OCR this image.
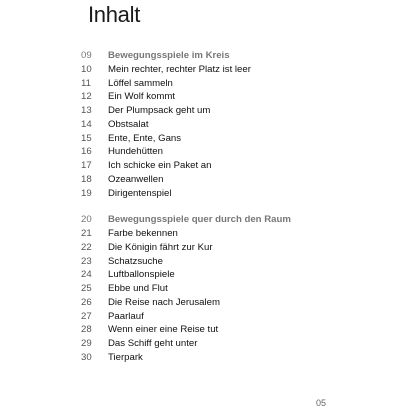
Inhalt
09	Bewegungsspiele im Kreis
10	Mein rechter, rechter Platz ist leer
11	Löffel sammeln
12	Ein Wolf kommt
13	Der Plumpsack geht um
14	Obstsalat
15	Ente, Ente, Gans
16	Hundehütten
17	Ich schicke ein Paket an
18	Ozeanwellen
19	Dirigentenspiel
20	Bewegungsspiele quer durch den Raum
21	Farbe bekennen
22	Die Königin fährt zur Kur
23	Schatzsuche
24	Luftballonspiele
25	Ebbe und Flut
26	Die Reise nach Jerusalem
27	Paarlauf
28	Wenn einer eine Reise tut
29	Das Schiff geht unter
30	Tierpark
05
